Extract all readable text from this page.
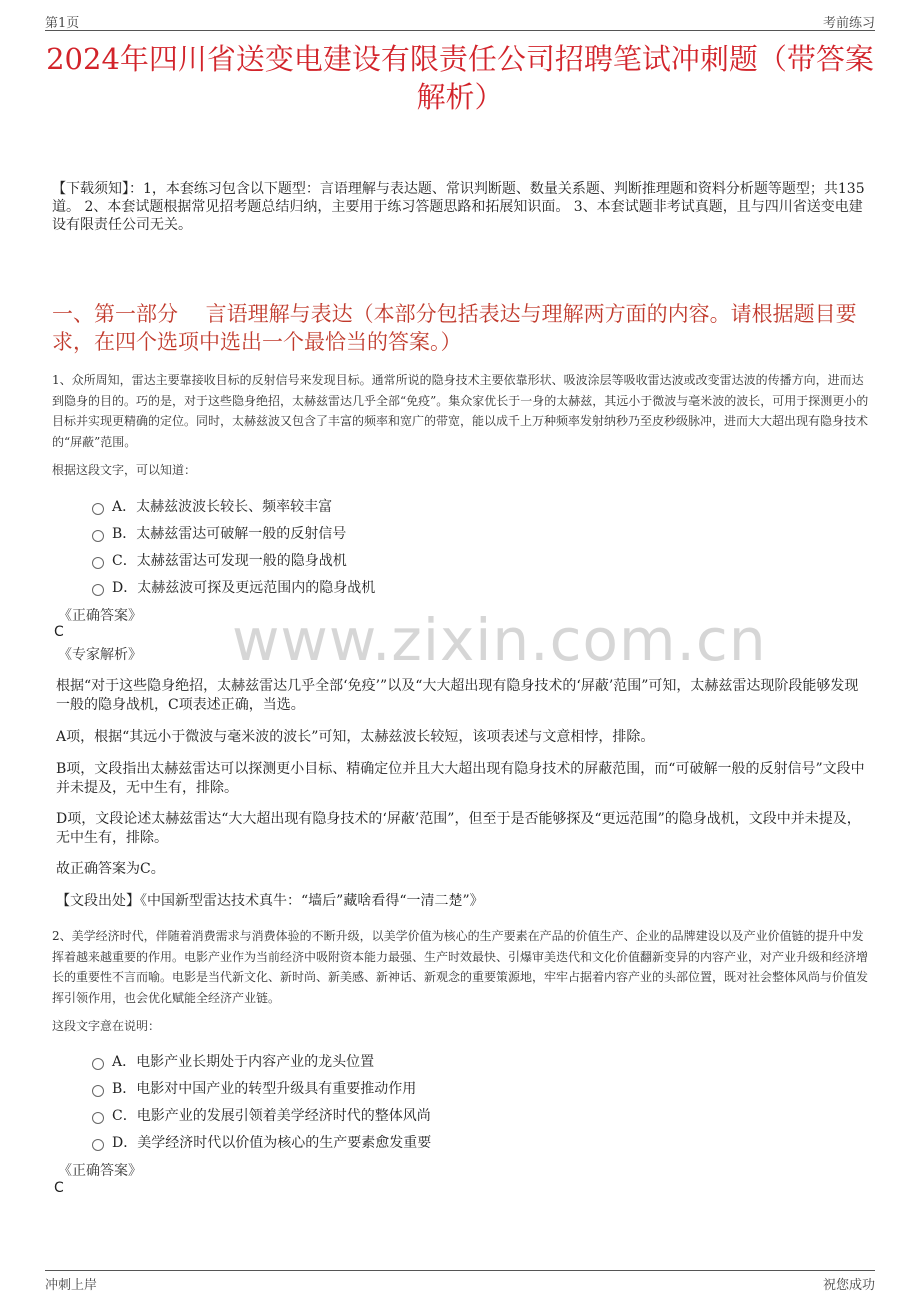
第1页	考前练习
2024年四川省送变电建设有限责任公司招聘笔试冲刺题（带答案解析）
【下载须知】：1，本套练习包含以下题型：言语理解与表达题、常识判断题、数量关系题、判断推理题和资料分析题等题型；共135道。 2、本套试题根据常见招考题总结归纳，主要用于练习答题思路和拓展知识面。 3、本套试题非考试真题，且与四川省送变电建设有限责任公司无关。
一、第一部分　 言语理解与表达（本部分包括表达与理解两方面的内容。请根据题目要求，在四个选项中选出一个最恰当的答案。）
1、众所周知，雷达主要靠接收目标的反射信号来发现目标。通常所说的隐身技术主要依靠形状、吸波涂层等吸收雷达波或改变雷达波的传播方向，进而达到隐身的目的。巧的是，对于这些隐身绝招，太赫兹雷达几乎全部“免疫”。集众家优长于一身的太赫兹，其远小于微波与毫米波的波长，可用于探测更小的目标并实现更精确的定位。同时，太赫兹波又包含了丰富的频率和宽广的带宽，能以成千上万种频率发射纳秒乃至皮秒级脉冲，进而大大超出现有隐身技术的“屏蔽”范围。
根据这段文字，可以知道：
A．太赫兹波波长较长、频率较丰富
B．太赫兹雷达可破解一般的反射信号
C．太赫兹雷达可发现一般的隐身战机
D．太赫兹波可探及更远范围内的隐身战机
《正确答案》
C
《专家解析》
根据“对于这些隐身绝招，太赫兹雷达几乎全部‘免疫’”以及“大大超出现有隐身技术的‘屏蔽’范围”可知，太赫兹雷达现阶段能够发现一般的隐身战机，C项表述正确，当选。
A项，根据“其远小于微波与毫米波的波长”可知，太赫兹波长较短，该项表述与文意相悖，排除。
B项，文段指出太赫兹雷达可以探测更小目标、精确定位并且大大超出现有隐身技术的屏蔽范围，而“可破解一般的反射信号”文段中并未提及，无中生有，排除。
D项，文段论述太赫兹雷达“大大超出现有隐身技术的‘屏蔽’范围”，但至于是否能够探及“更远范围”的隐身战机，文段中并未提及，无中生有，排除。
故正确答案为C。
【文段出处】《中国新型雷达技术真牛：“墙后”藏啥看得“一清二楚”》
2、美学经济时代，伴随着消费需求与消费体验的不断升级，以美学价值为核心的生产要素在产品的价值生产、企业的品牌建设以及产业价值链的提升中发挥着越来越重要的作用。电影产业作为当前经济中吸附资本能力最强、生产时效最快、引爆审美迭代和文化价值翻新变异的内容产业，对产业升级和经济增长的重要性不言而喻。电影是当代新文化、新时尚、新美感、新神话、新观念的重要策源地，牢牢占据着内容产业的头部位置，既对社会整体风尚与价值发挥引领作用，也会优化赋能全经济产业链。
这段文字意在说明：
A．电影产业长期处于内容产业的龙头位置
B．电影对中国产业的转型升级具有重要推动作用
C．电影产业的发展引领着美学经济时代的整体风尚
D．美学经济时代以价值为核心的生产要素愈发重要
《正确答案》
C
www.zixin.com.cn
冲刺上岸	祝您成功
